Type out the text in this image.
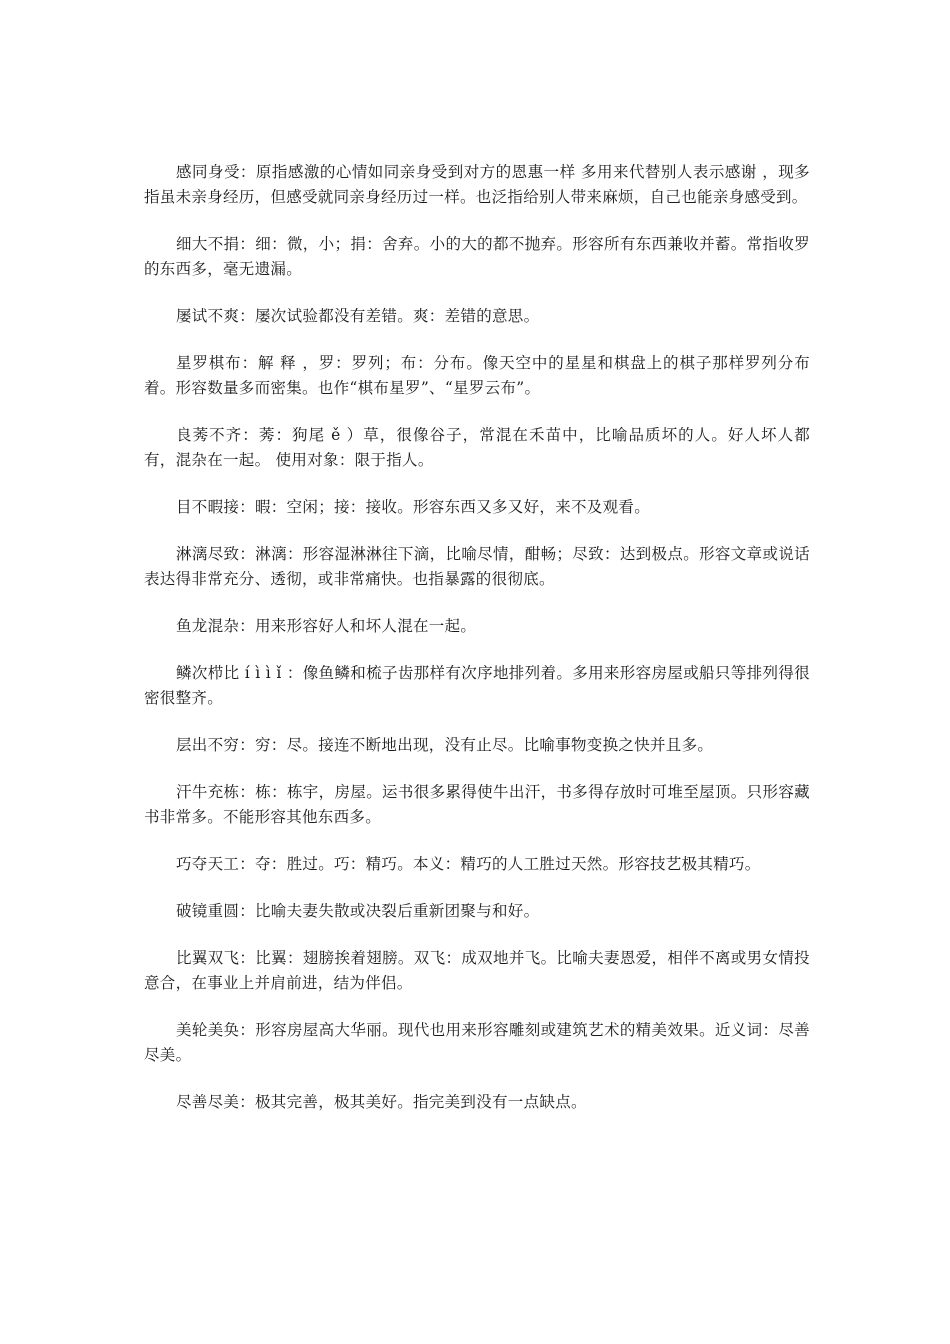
感同身受：原指感激的心情如同亲身受到对方的恩惠一样 多用来代替别人表示感谢 ，现多指虽未亲身经历，但感受就同亲身经历过一样。也泛指给别人带来麻烦，自己也能亲身感受到。

细大不捐：细：微，小；捐：舍弃。小的大的都不抛弃。形容所有东西兼收并蓄。常指收罗的东西多，毫无遗漏。

屡试不爽：屡次试验都没有差错。爽：差错的意思。

星罗棋布：解 释 ，罗：罗列；布：分布。像天空中的星星和棋盘上的棋子那样罗列分布着。形容数量多而密集。也作“棋布星罗”、“星罗云布”。

良莠不齐：莠：狗尾 ě ）草，很像谷子，常混在禾苗中，比喻品质坏的人。好人坏人都有，混杂在一起。 使用对象：限于指人。

目不暇接：暇：空闲；接：接收。形容东西又多又好，来不及观看。

淋漓尽致：淋漓：形容湿淋淋往下滴，比喻尽情，酣畅；尽致：达到极点。形容文章或说话表达得非常充分、透彻，或非常痛快。也指暴露的很彻底。

鱼龙混杂：用来形容好人和坏人混在一起。

鳞次栉比 í ì ì ǐ ：像鱼鳞和梳子齿那样有次序地排列着。多用来形容房屋或船只等排列得很密很整齐。

层出不穷：穷：尽。接连不断地出现，没有止尽。比喻事物变换之快并且多。

汗牛充栋：栋：栋宇，房屋。运书很多累得使牛出汗，书多得存放时可堆至屋顶。只形容藏书非常多。不能形容其他东西多。

巧夺天工：夺：胜过。巧：精巧。本义：精巧的人工胜过天然。形容技艺极其精巧。

破镜重圆：比喻夫妻失散或决裂后重新团聚与和好。

比翼双飞：比翼：翅膀挨着翅膀。双飞：成双地并飞。比喻夫妻恩爱，相伴不离或男女情投意合，在事业上并肩前进，结为伴侣。

美轮美奂：形容房屋高大华丽。现代也用来形容雕刻或建筑艺术的精美效果。近义词：尽善尽美。

尽善尽美：极其完善，极其美好。指完美到没有一点缺点。
